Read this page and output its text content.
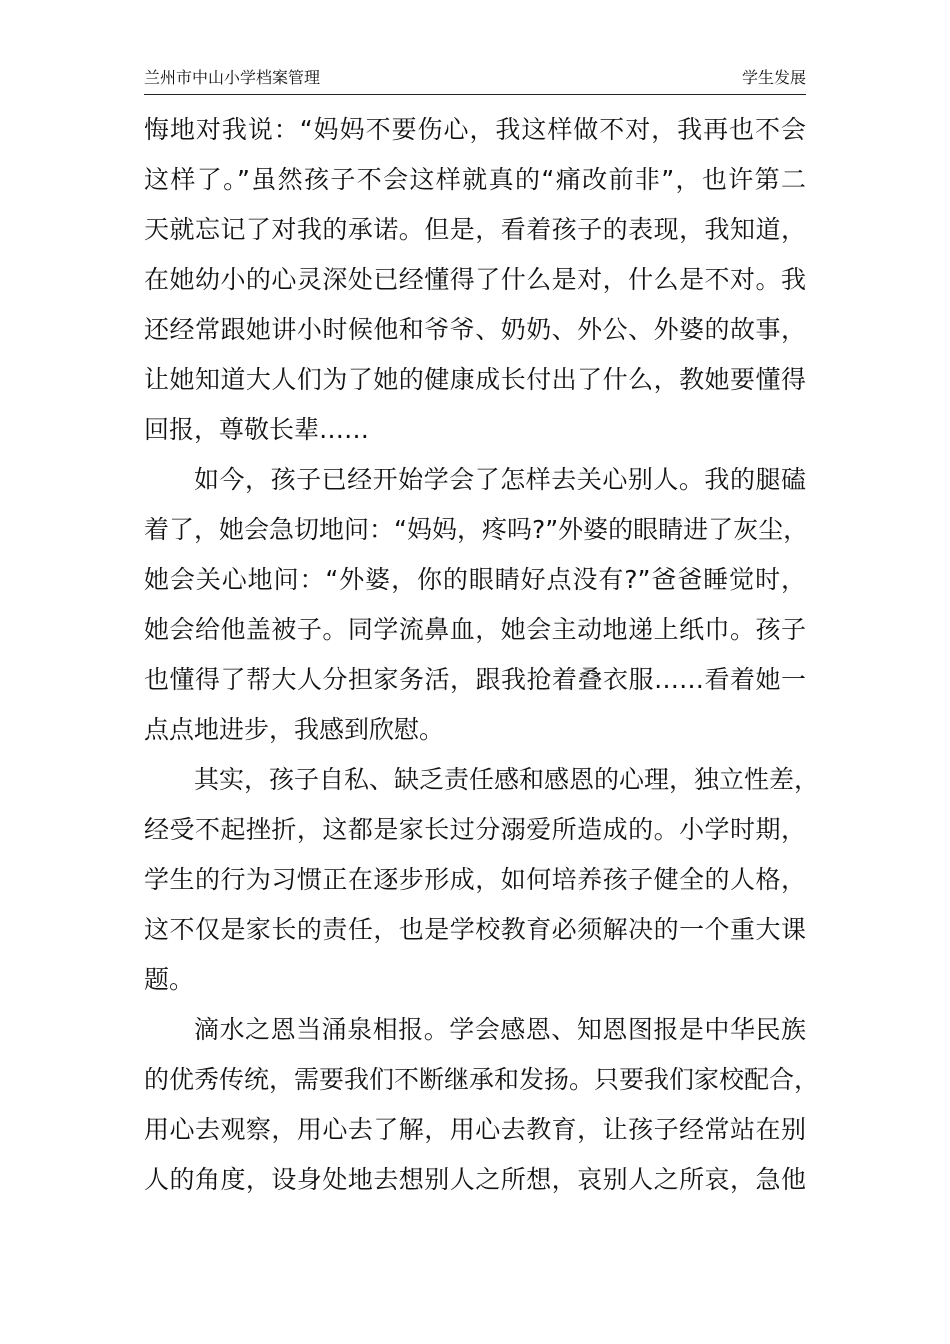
兰州市中山小学档案管理	学生发展
悔地对我说：“妈妈不要伤心，我这样做不对，我再也不会
这样了。”虽然孩子不会这样就真的“痛改前非”，也许第二
天就忘记了对我的承诺。但是，看着孩子的表现，我知道，
在她幼小的心灵深处已经懂得了什么是对，什么是不对。我
还经常跟她讲小时候他和爷爷、奶奶、外公、外婆的故事，
让她知道大人们为了她的健康成长付出了什么，教她要懂得
回报，尊敬长辈……
如今，孩子已经开始学会了怎样去关心别人。我的腿磕
着了，她会急切地问：“妈妈，疼吗?”外婆的眼睛进了灰尘，
她会关心地问：“外婆，你的眼睛好点没有?”爸爸睡觉时，
她会给他盖被子。同学流鼻血，她会主动地递上纸巾。孩子
也懂得了帮大人分担家务活，跟我抢着叠衣服……看着她一
点点地进步，我感到欣慰。
其实，孩子自私、缺乏责任感和感恩的心理，独立性差，
经受不起挫折，这都是家长过分溺爱所造成的。小学时期，
学生的行为习惯正在逐步形成，如何培养孩子健全的人格，
这不仅是家长的责任，也是学校教育必须解决的一个重大课
题。
滴水之恩当涌泉相报。学会感恩、知恩图报是中华民族
的优秀传统，需要我们不断继承和发扬。只要我们家校配合，
用心去观察，用心去了解，用心去教育，让孩子经常站在别
人的角度，设身处地去想别人之所想，哀别人之所哀，急他
